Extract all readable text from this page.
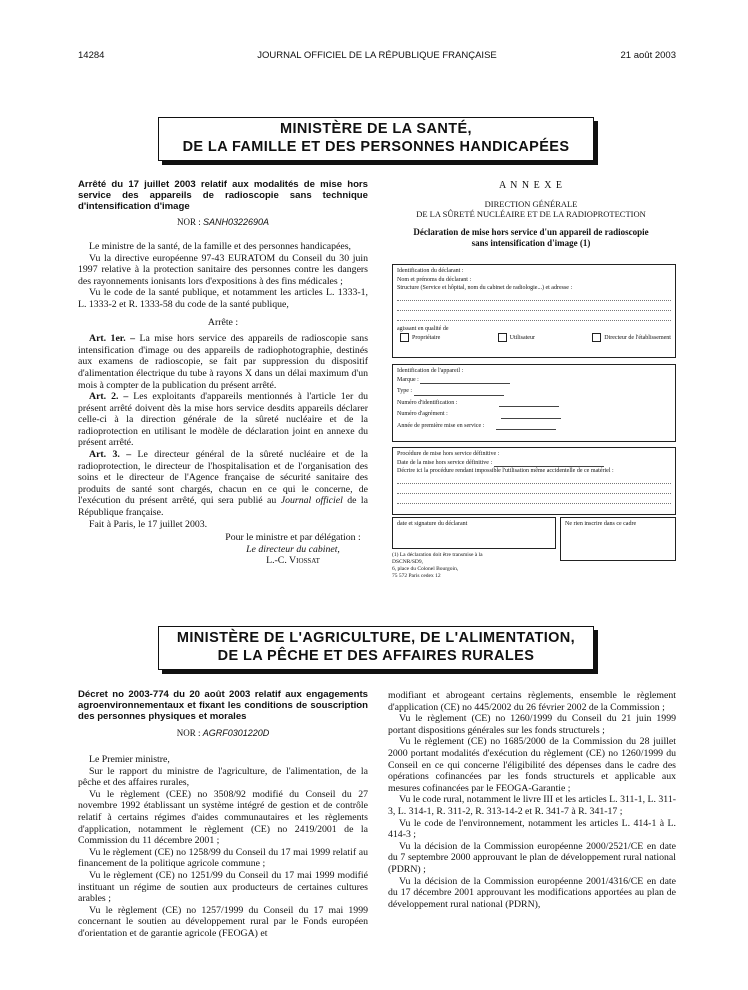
14284	JOURNAL OFFICIEL DE LA RÉPUBLIQUE FRANÇAISE	21 août 2003
MINISTÈRE DE LA SANTÉ,
DE LA FAMILLE ET DES PERSONNES HANDICAPÉES
Arrêté du 17 juillet 2003 relatif aux modalités de mise hors service des appareils de radioscopie sans technique d'intensification d'image
NOR : SANH0322690A

Le ministre de la santé, de la famille et des personnes handicapées,

Vu la directive européenne 97-43 EURATOM du Conseil du 30 juin 1997 relative à la protection sanitaire des personnes contre les dangers des rayonnements ionisants lors d'expositions à des fins médicales ;

Vu le code de la santé publique, et notamment les articles L. 1333-1, L. 1333-2 et R. 1333-58 du code de la santé publique,

Arrête :

Art. 1er. – La mise hors service des appareils de radioscopie sans intensification d'image ou des appareils de radiophotographie, destinés aux examens de radioscopie, se fait par suppression du dispositif d'alimentation électrique du tube à rayons X dans un délai maximum d'un mois à compter de la publication du présent arrêté.

Art. 2. – Les exploitants d'appareils mentionnés à l'article 1er du présent arrêté doivent dès la mise hors service desdits appareils déclarer celle-ci à la direction générale de la sûreté nucléaire et de la radioprotection en utilisant le modèle de déclaration joint en annexe du présent arrêté.

Art. 3. – Le directeur général de la sûreté nucléaire et de la radioprotection, le directeur de l'hospitalisation et de l'organisation des soins et le directeur de l'Agence française de sécurité sanitaire des produits de santé sont chargés, chacun en ce qui le concerne, de l'exécution du présent arrêté, qui sera publié au Journal officiel de la République française.

Fait à Paris, le 17 juillet 2003.

Pour le ministre et par délégation :
Le directeur du cabinet,
L.-C. Viossat
A N N E X E
DIRECTION GÉNÉRALE
DE LA SÛRETÉ NUCLÉAIRE ET DE LA RADIOPROTECTION
Déclaration de mise hors service d'un appareil de radioscopie
sans intensification d'image (1)
Identification du déclarant :
Nom et prénoms du déclarant :
Structure (Service et hôpital, nom du cabinet de radiologie...) et adresse :
agissant en qualité de
Propriétaire	Utilisateur	Directeur de l'établissement
Identification de l'appareil :
Marque :
Type :
Numéro d'identification :
Numéro d'agrément :
Année de première mise en service :
Procédure de mise hors service définitive :
Date de la mise hors service définitive :
Décrire ici la procédure rendant impossible l'utilisation même accidentelle de ce matériel :
date et signature du déclarant	Ne rien inscrire dans ce cadre
(1) La déclaration doit être transmise à la
DSCNR/SD9,
6, place du Colonel Bourgoin,
75 572 Paris cedex 12
MINISTÈRE DE L'AGRICULTURE, DE L'ALIMENTATION,
DE LA PÊCHE ET DES AFFAIRES RURALES
Décret no 2003-774 du 20 août 2003 relatif aux engagements agroenvironnementaux et fixant les conditions de souscription des personnes physiques et morales
NOR : AGRF0301220D

Le Premier ministre,

Sur le rapport du ministre de l'agriculture, de l'alimentation, de la pêche et des affaires rurales,

Vu le règlement (CEE) no 3508/92 modifié du Conseil du 27 novembre 1992 établissant un système intégré de gestion et de contrôle relatif à certains régimes d'aides communautaires et les règlements d'application, notamment le règlement (CE) no 2419/2001 de la Commission du 11 décembre 2001 ;

Vu le règlement (CE) no 1258/99 du Conseil du 17 mai 1999 relatif au financement de la politique agricole commune ;

Vu le règlement (CE) no 1251/99 du Conseil du 17 mai 1999 modifié instituant un régime de soutien aux producteurs de certaines cultures arables ;

Vu le règlement (CE) no 1257/1999 du Conseil du 17 mai 1999 concernant le soutien au développement rural par le Fonds européen d'orientation et de garantie agricole (FEOGA) et

modifiant et abrogeant certains règlements, ensemble le règlement d'application (CE) no 445/2002 du 26 février 2002 de la Commission ;

Vu le règlement (CE) no 1260/1999 du Conseil du 21 juin 1999 portant dispositions générales sur les fonds structurels ;

Vu le règlement (CE) no 1685/2000 de la Commission du 28 juillet 2000 portant modalités d'exécution du règlement (CE) no 1260/1999 du Conseil en ce qui concerne l'éligibilité des dépenses dans le cadre des opérations cofinancées par les fonds structurels et applicable aux mesures cofinancées par le FEOGA-Garantie ;

Vu le code rural, notamment le livre III et les articles L. 311-1, L. 311-3, L. 314-1, R. 311-2, R. 313-14-2 et R. 341-7 à R. 341-17 ;

Vu le code de l'environnement, notamment les articles L. 414-1 à L. 414-3 ;

Vu la décision de la Commission européenne 2000/2521/CE en date du 7 septembre 2000 approuvant le plan de développement rural national (PDRN) ;

Vu la décision de la Commission européenne 2001/4316/CE en date du 17 décembre 2001 approuvant les modifications apportées au plan de développement rural national (PDRN),
